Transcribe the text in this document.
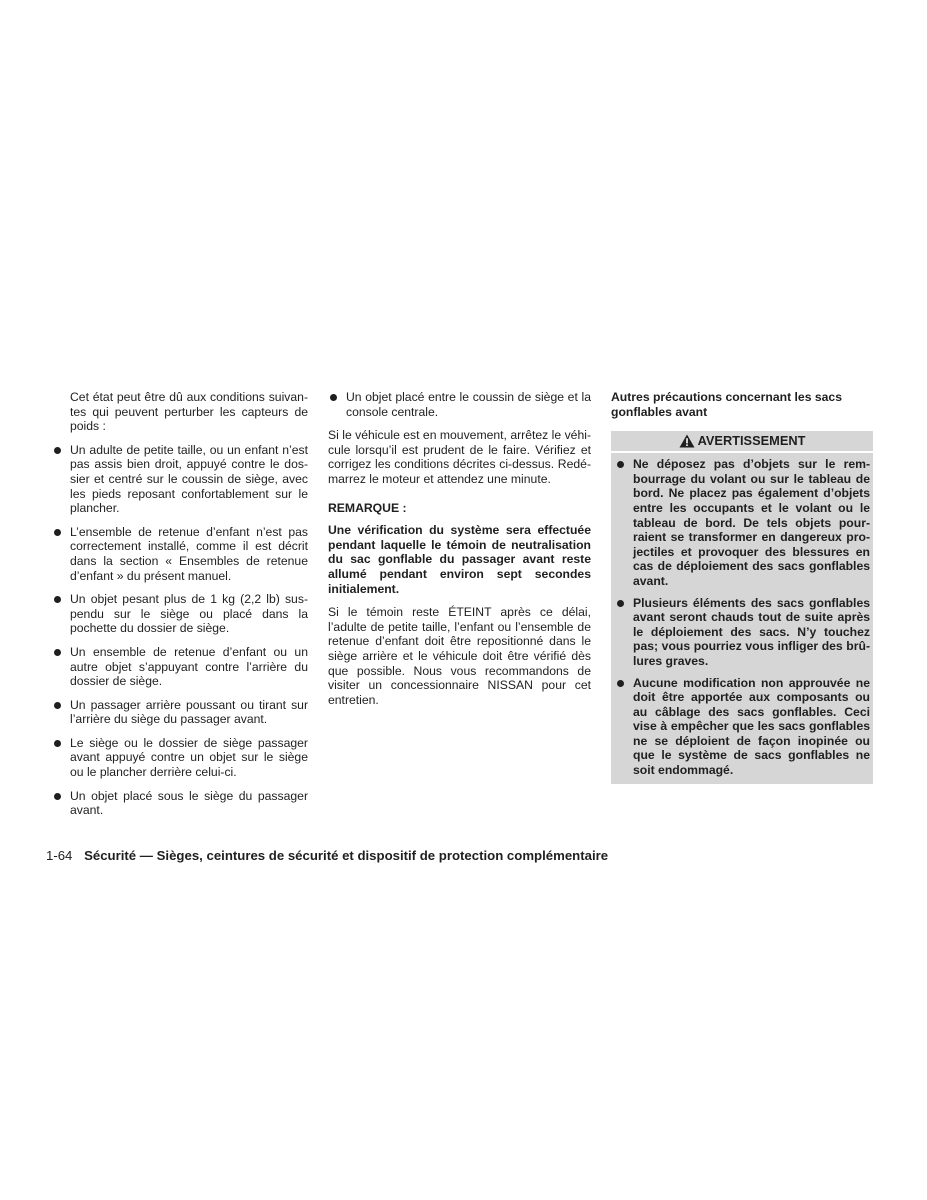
Cet état peut être dû aux conditions suivantes qui peuvent perturber les capteurs de poids :

Un adulte de petite taille, ou un enfant n’est pas assis bien droit, appuyé contre le dossier et centré sur le coussin de siège, avec les pieds reposant confortablement sur le plancher.
L’ensemble de retenue d’enfant n’est pas correctement installé, comme il est décrit dans la section « Ensembles de retenue d’enfant » du présent manuel.
Un objet pesant plus de 1 kg (2,2 lb) suspendu sur le siège ou placé dans la pochette du dossier de siège.
Un ensemble de retenue d’enfant ou un autre objet s’appuyant contre l’arrière du dossier de siège.
Un passager arrière poussant ou tirant sur l’arrière du siège du passager avant.
Le siège ou le dossier de siège passager avant appuyé contre un objet sur le siège ou le plancher derrière celui-ci.
Un objet placé sous le siège du passager avant.
Un objet placé entre le coussin de siège et la console centrale.

Si le véhicule est en mouvement, arrêtez le véhicule lorsqu’il est prudent de le faire. Vérifiez et corrigez les conditions décrites ci-dessus. Redémarrez le moteur et attendez une minute.

REMARQUE :

Une vérification du système sera effectuée pendant laquelle le témoin de neutralisation du sac gonflable du passager avant reste allumé pendant environ sept secondes initialement.

Si le témoin reste ÉTEINT après ce délai, l’adulte de petite taille, l’enfant ou l’ensemble de retenue d’enfant doit être repositionné dans le siège arrière et le véhicule doit être vérifié dès que possible. Nous vous recommandons de visiter un concessionnaire NISSAN pour cet entretien.

Autres précautions concernant les sacs gonflables avant

AVERTISSEMENT
Ne déposez pas d’objets sur le rembourrage du volant ou sur le tableau de bord. Ne placez pas également d’objets entre les occupants et le volant ou le tableau de bord. De tels objets pourraient se transformer en dangereux projectiles et provoquer des blessures en cas de déploiement des sacs gonflables avant.
Plusieurs éléments des sacs gonflables avant seront chauds tout de suite après le déploiement des sacs. N’y touchez pas; vous pourriez vous infliger des brûlures graves.
Aucune modification non approuvée ne doit être apportée aux composants ou au câblage des sacs gonflables. Ceci vise à empêcher que les sacs gonflables ne se déploient de façon inopinée ou que le système de sacs gonflables ne soit endommagé.
1-64 Sécurité — Sièges, ceintures de sécurité et dispositif de protection complémentaire
